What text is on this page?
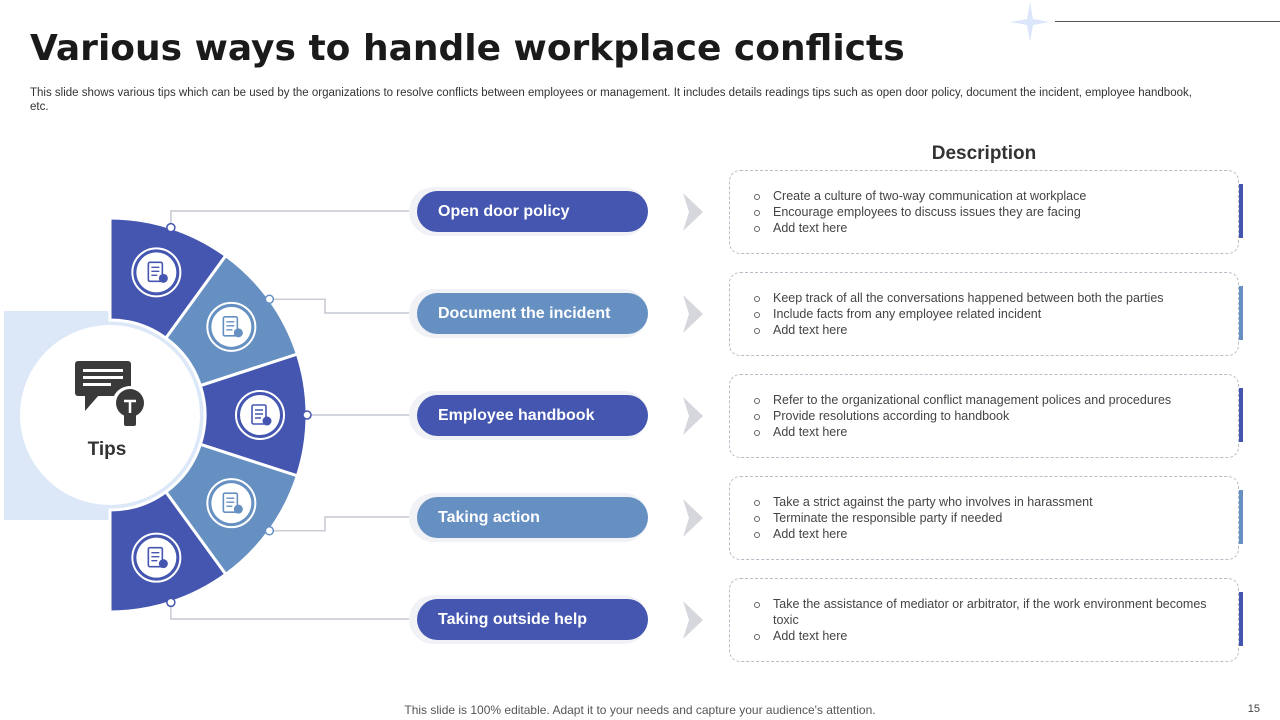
Various ways to handle workplace conflicts

This slide shows various tips which can be used by the organizations to resolve conflicts between employees or management. It includes details readings tips such as open door policy, document the incident, employee handbook, etc.

Tips
Open door policy
Document the incident
Employee handbook
Taking action
Taking outside help
Description
Create a culture of two-way communication at workplace
Encourage employees to discuss issues they are facing
Add text here
Keep track of all the conversations happened between both the parties
Include facts from any employee related incident
Add text here
Refer to the organizational conflict management polices and procedures
Provide resolutions according to handbook
Add text here
Take a strict against the party who involves in harassment
Terminate the responsible party if needed
Add text here
Take the assistance of mediator or arbitrator, if the work environment becomes toxic
Add text here

This slide is 100% editable. Adapt it to your needs and capture your audience's attention.	15
